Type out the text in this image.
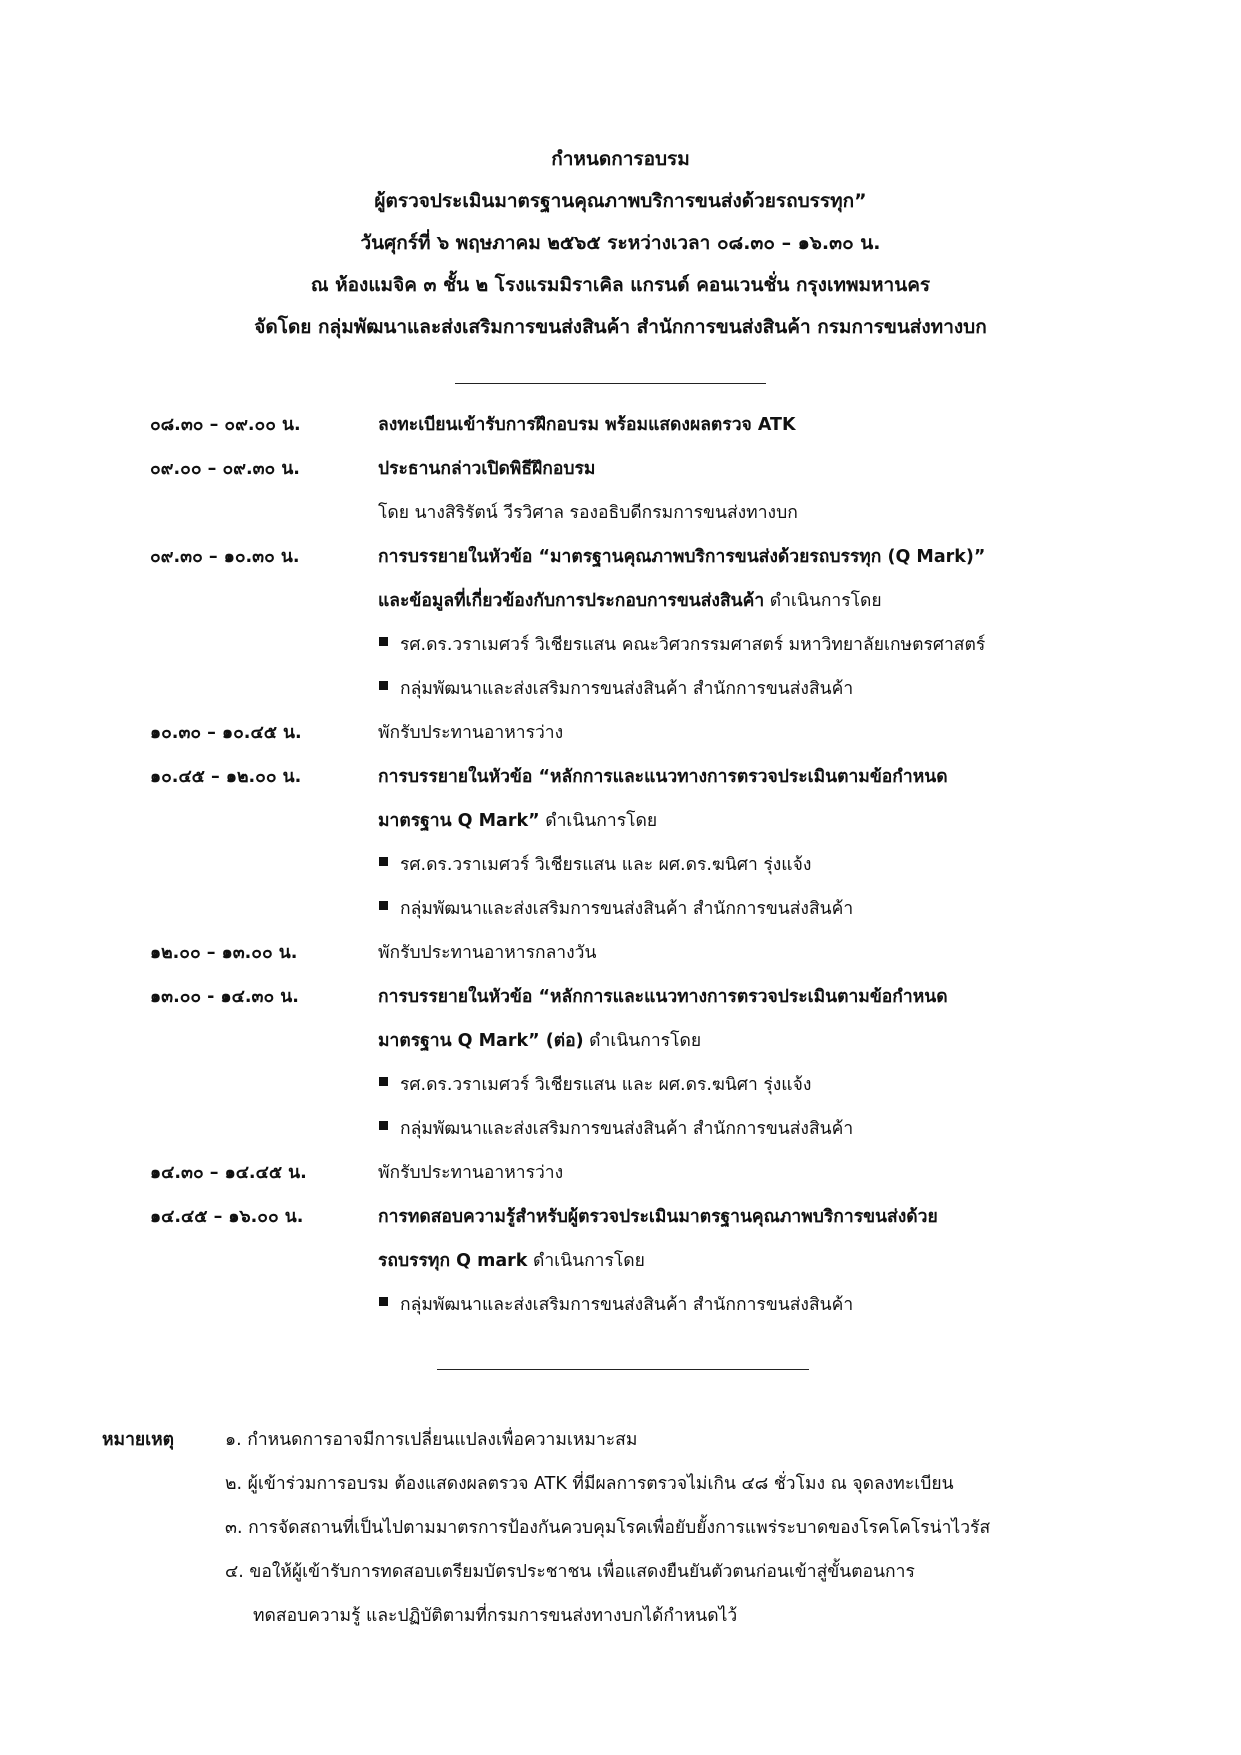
กำหนดการอบรม
ผู้ตรวจประเมินมาตรฐานคุณภาพบริการขนส่งด้วยรถบรรทุก”
วันศุกร์ที่ ๖ พฤษภาคม ๒๕๖๕ ระหว่างเวลา ๐๘.๓๐ – ๑๖.๓๐ น.
ณ ห้องแมจิค ๓ ชั้น ๒ โรงแรมมิราเคิล แกรนด์ คอนเวนชั่น กรุงเทพมหานคร
จัดโดย กลุ่มพัฒนาและส่งเสริมการขนส่งสินค้า สำนักการขนส่งสินค้า กรมการขนส่งทางบก
๐๘.๓๐ – ๐๙.๐๐ น.	ลงทะเบียนเข้ารับการฝึกอบรม พร้อมแสดงผลตรวจ ATK
๐๙.๐๐ – ๐๙.๓๐ น.	ประธานกล่าวเปิดพิธีฝึกอบรม
โดย นางสิริรัตน์ วีรวิศาล รองอธิบดีกรมการขนส่งทางบก
๐๙.๓๐ – ๑๐.๓๐ น.	การบรรยายในหัวข้อ “มาตรฐานคุณภาพบริการขนส่งด้วยรถบรรทุก (Q Mark)”
และข้อมูลที่เกี่ยวข้องกับการประกอบการขนส่งสินค้า ดำเนินการโดย
รศ.ดร.วราเมศวร์ วิเชียรแสน คณะวิศวกรรมศาสตร์ มหาวิทยาลัยเกษตรศาสตร์
กลุ่มพัฒนาและส่งเสริมการขนส่งสินค้า สำนักการขนส่งสินค้า
๑๐.๓๐ – ๑๐.๔๕ น.	พักรับประทานอาหารว่าง
๑๐.๔๕ – ๑๒.๐๐ น.	การบรรยายในหัวข้อ “หลักการและแนวทางการตรวจประเมินตามข้อกำหนด
มาตรฐาน Q Mark” ดำเนินการโดย
รศ.ดร.วราเมศวร์ วิเชียรแสน และ ผศ.ดร.ฆนิศา รุ่งแจ้ง
กลุ่มพัฒนาและส่งเสริมการขนส่งสินค้า สำนักการขนส่งสินค้า
๑๒.๐๐ – ๑๓.๐๐ น.	พักรับประทานอาหารกลางวัน
๑๓.๐๐ - ๑๔.๓๐ น.	การบรรยายในหัวข้อ “หลักการและแนวทางการตรวจประเมินตามข้อกำหนด
มาตรฐาน Q Mark” (ต่อ) ดำเนินการโดย
รศ.ดร.วราเมศวร์ วิเชียรแสน และ ผศ.ดร.ฆนิศา รุ่งแจ้ง
กลุ่มพัฒนาและส่งเสริมการขนส่งสินค้า สำนักการขนส่งสินค้า
๑๔.๓๐ – ๑๔.๔๕ น.	พักรับประทานอาหารว่าง
๑๔.๔๕ – ๑๖.๐๐ น.	การทดสอบความรู้สำหรับผู้ตรวจประเมินมาตรฐานคุณภาพบริการขนส่งด้วย
รถบรรทุก Q mark ดำเนินการโดย
กลุ่มพัฒนาและส่งเสริมการขนส่งสินค้า สำนักการขนส่งสินค้า
หมายเหตุ	๑. กำหนดการอาจมีการเปลี่ยนแปลงเพื่อความเหมาะสม
๒. ผู้เข้าร่วมการอบรม ต้องแสดงผลตรวจ ATK ที่มีผลการตรวจไม่เกิน ๔๘ ชั่วโมง ณ จุดลงทะเบียน
๓. การจัดสถานที่เป็นไปตามมาตรการป้องกันควบคุมโรคเพื่อยับยั้งการแพร่ระบาดของโรคโคโรน่าไวรัส
๔. ขอให้ผู้เข้ารับการทดสอบเตรียมบัตรประชาชน เพื่อแสดงยืนยันตัวตนก่อนเข้าสู่ขั้นตอนการ
ทดสอบความรู้ และปฏิบัติตามที่กรมการขนส่งทางบกได้กำหนดไว้
